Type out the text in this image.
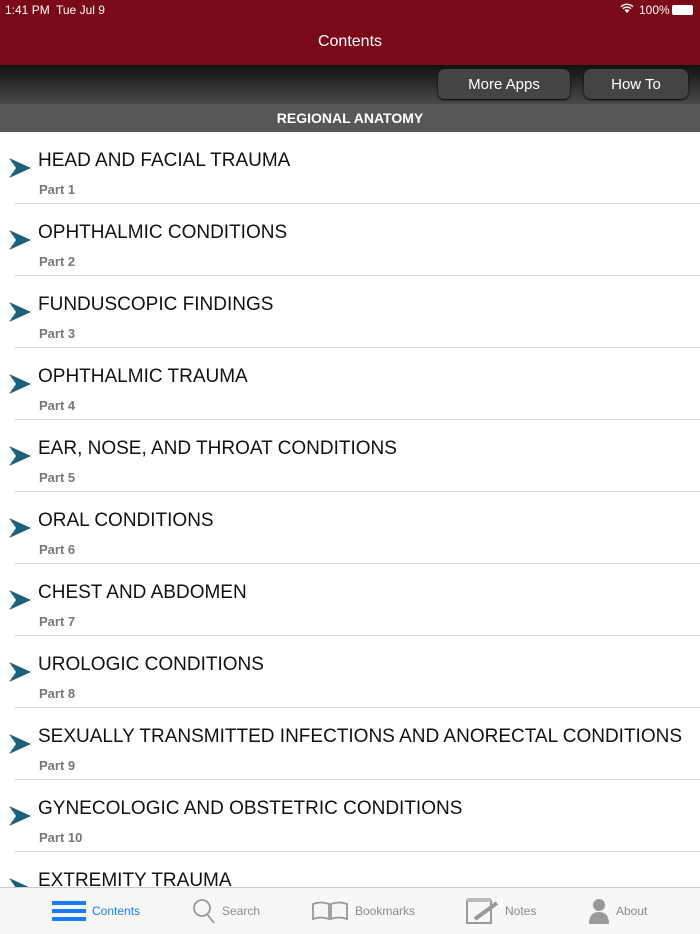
1:41 PM Tue Jul 9	100%
Contents
More Apps	How To
REGIONAL ANATOMY
HEAD AND FACIAL TRAUMA
Part 1
OPHTHALMIC CONDITIONS
Part 2
FUNDUSCOPIC FINDINGS
Part 3
OPHTHALMIC TRAUMA
Part 4
EAR, NOSE, AND THROAT CONDITIONS
Part 5
ORAL CONDITIONS
Part 6
CHEST AND ABDOMEN
Part 7
UROLOGIC CONDITIONS
Part 8
SEXUALLY TRANSMITTED INFECTIONS AND ANORECTAL CONDITIONS
Part 9
GYNECOLOGIC AND OBSTETRIC CONDITIONS
Part 10
EXTREMITY TRAUMA
Contents	Search	Bookmarks	Notes	About
